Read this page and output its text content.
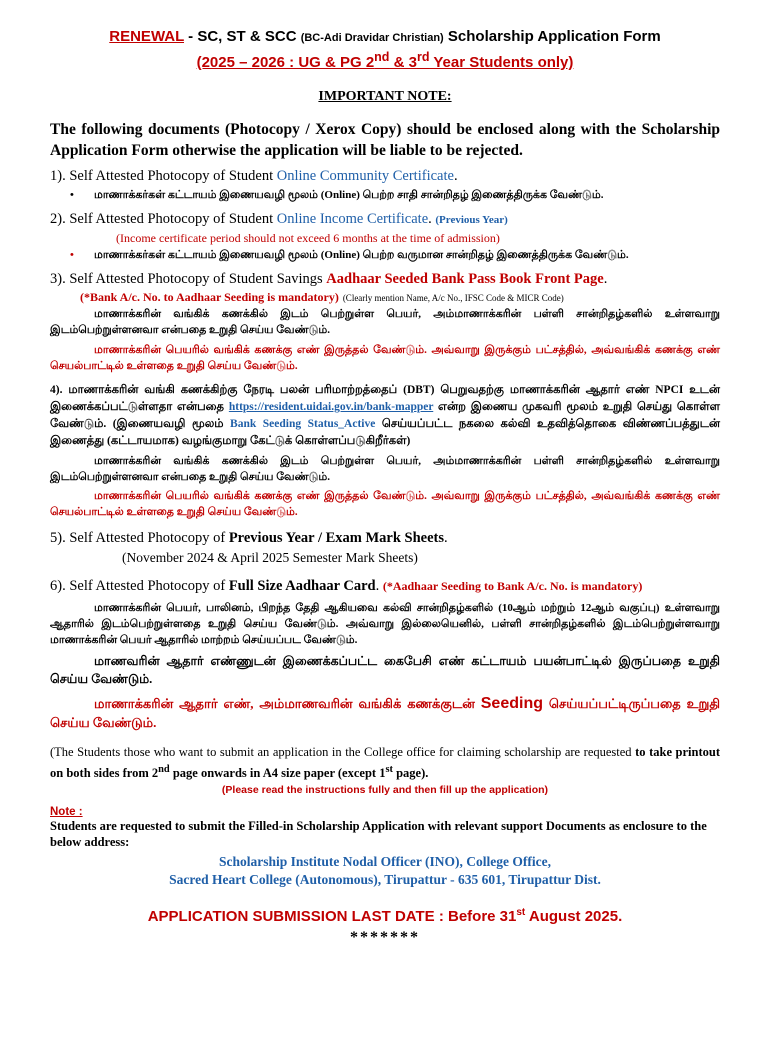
RENEWAL - SC, ST & SCC (BC-Adi Dravidar Christian) Scholarship Application Form
(2025 – 2026 : UG & PG 2nd & 3rd Year Students only)
IMPORTANT NOTE:
The following documents (Photocopy / Xerox Copy) should be enclosed along with the Scholarship Application Form otherwise the application will be liable to be rejected.
1). Self Attested Photocopy of Student Online Community Certificate.
• மாணாக்கர்கள் கட்டாயம் இணையவழி மூலம் (Online) பெற்ற சாதி சான்றிதழ் இணைத்திருக்க வேண்டும்.
2). Self Attested Photocopy of Student Online Income Certificate. (Previous Year)
(Income certificate period should not exceed 6 months at the time of admission)
• மாணாக்கர்கள் கட்டாயம் இணையவழி மூலம் (Online) பெற்ற வருமான சான்றிதழ் இணைத்திருக்க வேண்டும்.
3). Self Attested Photocopy of Student Savings Aadhaar Seeded Bank Pass Book Front Page.
(*Bank A/c. No. to Aadhaar Seeding is mandatory) (Clearly mention Name, A/c No., IFSC Code & MICR Code)
மாணாக்கரின் வங்கிக் கணக்கில் இடம் பெற்றுள்ள பெயர், அம்மாணாக்கரின் பள்ளி சான்றிதழ்களில் உள்ளவாறு இடம்பெற்றுள்ளனவா என்பதை உறுதி செய்ய வேண்டும்.
மாணாக்கரின் பெயரில் வங்கிக் கணக்கு எண் இருத்தல் வேண்டும். அவ்வாறு இருக்கும் பட்சத்தில், அவ்வங்கிக் கணக்கு எண் செயல்பாட்டில் உள்ளதை உறுதி செய்ய வேண்டும்.
4). மாணாக்கரின் வங்கி கணக்கிற்கு நேரடி பலன் பரிமாற்றத்தைப் (DBT) பெறுவதற்கு மாணாக்கரின் ஆதார் எண் NPCI உடன் இணைக்கப்பட்டுள்ளதா என்பதை https://resident.uidai.gov.in/bank-mapper என்ற இணைய முகவரி மூலம் உறுதி செய்து கொள்ள வேண்டும். (இணையவழி மூலம் Bank Seeding Status_Active செய்யப்பட்ட நகலை கல்வி உதவித்தொகை விண்ணப்பத்துடன் இணைத்து (கட்டாயமாக) வழங்குமாறு கேட்டுக் கொள்ளப்படுகிறீர்கள்)
மாணாக்கரின் வங்கிக் கணக்கில் இடம் பெற்றுள்ள பெயர், அம்மாணாக்கரின் பள்ளி சான்றிதழ்களில் உள்ளவாறு இடம்பெற்றுள்ளனவா என்பதை உறுதி செய்ய வேண்டும்.
மாணாக்கரின் பெயரில் வங்கிக் கணக்கு எண் இருத்தல் வேண்டும். அவ்வாறு இருக்கும் பட்சத்தில், அவ்வங்கிக் கணக்கு எண் செயல்பாட்டில் உள்ளதை உறுதி செய்ய வேண்டும்.
5). Self Attested Photocopy of Previous Year / Exam Mark Sheets.
(November 2024 & April 2025 Semester Mark Sheets)
6). Self Attested Photocopy of Full Size Aadhaar Card. (*Aadhaar Seeding to Bank A/c. No. is mandatory)
மாணாக்கரின் பெயர், பாலினம், பிறந்த தேதி ஆகியவை கல்வி சான்றிதழ்களில் (10ஆம் மற்றும் 12ஆம் வகுப்பு) உள்ளவாறு ஆதாரில் இடம்பெற்றுள்ளதை உறுதி செய்ய வேண்டும். அவ்வாறு இல்லையெனில், பள்ளி சான்றிதழ்களில் இடம்பெற்றுள்ளவாறு மாணாக்கரின் பெயர் ஆதாரில் மாற்றம் செய்யப்பட வேண்டும்.
மாணவரின் ஆதார் எண்ணுடன் இணைக்கப்பட்ட கைபேசி எண் கட்டாயம் பயன்பாட்டில் இருப்பதை உறுதி செய்ய வேண்டும்.
மாணாக்கரின் ஆதார் எண், அம்மாணவரின் வங்கிக் கணக்குடன் Seeding செய்யப்பட்டிருப்பதை உறுதி செய்ய வேண்டும்.
(The Students those who want to submit an application in the College office for claiming scholarship are requested to take printout on both sides from 2nd page onwards in A4 size paper (except 1st page).
(Please read the instructions fully and then fill up the application)
Note :
Students are requested to submit the Filled-in Scholarship Application with relevant support Documents as enclosure to the below address:
Scholarship Institute Nodal Officer (INO), College Office,
Sacred Heart College (Autonomous), Tirupattur - 635 601, Tirupattur Dist.
APPLICATION SUBMISSION LAST DATE : Before 31st August 2025.
*******
